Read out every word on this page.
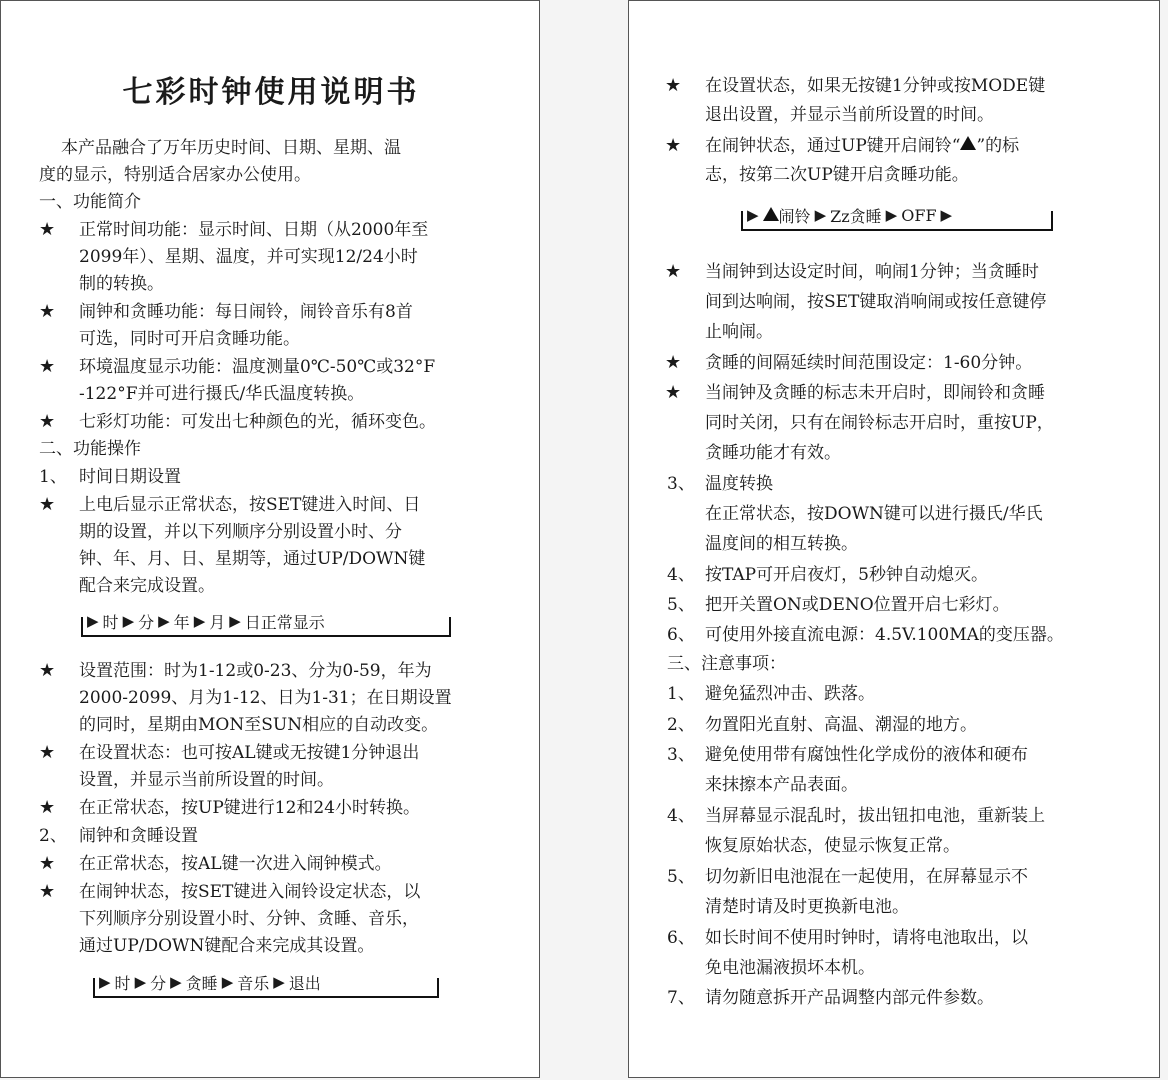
七彩时钟使用说明书
本产品融合了万年历史时间、日期、星期、温
度的显示，特别适合居家办公使用。
一、功能简介
★ 正常时间功能：显示时间、日期（从2000年至
2099年）、星期、温度，并可实现12/24小时
制的转换。
★ 闹钟和贪睡功能：每日闹铃，闹铃音乐有8首
可选，同时可开启贪睡功能。
★ 环境温度显示功能：温度测量0℃-50℃或32°F
-122°F并可进行摄氏/华氏温度转换。
★ 七彩灯功能：可发出七种颜色的光，循环变色。
二、功能操作
1、 时间日期设置
★ 上电后显示正常状态，按SET键进入时间、日
期的设置，并以下列顺序分别设置小时、分
钟、年、月、日、星期等，通过UP/DOWN键
配合来完成设置。
▶ 时 ▶ 分 ▶ 年 ▶ 月 ▶ 日正常显示
★ 设置范围：时为1-12或0-23、分为0-59，年为
2000-2099、月为1-12、日为1-31；在日期设置
的同时，星期由MON至SUN相应的自动改变。
★ 在设置状态：也可按AL键或无按键1分钟退出
设置，并显示当前所设置的时间。
★ 在正常状态，按UP键进行12和24小时转换。
2、 闹钟和贪睡设置
★ 在正常状态，按AL键一次进入闹钟模式。
★ 在闹钟状态，按SET键进入闹铃设定状态，以
下列顺序分别设置小时、分钟、贪睡、音乐，
通过UP/DOWN键配合来完成其设置。
▶ 时 ▶ 分 ▶ 贪睡 ▶ 音乐 ▶ 退出
★ 在设置状态，如果无按键1分钟或按MODE键
退出设置，并显示当前所设置的时间。
★ 在闹钟状态，通过UP键开启闹铃“ ”的标
志，按第二次UP键开启贪睡功能。
▶ 闹铃 ▶ Zz贪睡 ▶ OFF ▶
★ 当闹钟到达设定时间，响闹1分钟；当贪睡时
间到达响闹，按SET键取消响闹或按任意键停
止响闹。
★ 贪睡的间隔延续时间范围设定：1-60分钟。
★ 当闹钟及贪睡的标志未开启时，即闹铃和贪睡
同时关闭，只有在闹铃标志开启时，重按UP，
贪睡功能才有效。
3、 温度转换
在正常状态，按DOWN键可以进行摄氏/华氏
温度间的相互转换。
4、 按TAP可开启夜灯，5秒钟自动熄灭。
5、 把开关置ON或DENO位置开启七彩灯。
6、 可使用外接直流电源：4.5V.100MA的变压器。
三、注意事项：
1、 避免猛烈冲击、跌落。
2、 勿置阳光直射、高温、潮湿的地方。
3、 避免使用带有腐蚀性化学成份的液体和硬布
来抹擦本产品表面。
4、 当屏幕显示混乱时，拔出钮扣电池，重新装上
恢复原始状态，使显示恢复正常。
5、 切勿新旧电池混在一起使用，在屏幕显示不
清楚时请及时更换新电池。
6、 如长时间不使用时钟时，请将电池取出，以
免电池漏液损坏本机。
7、 请勿随意拆开产品调整内部元件参数。
